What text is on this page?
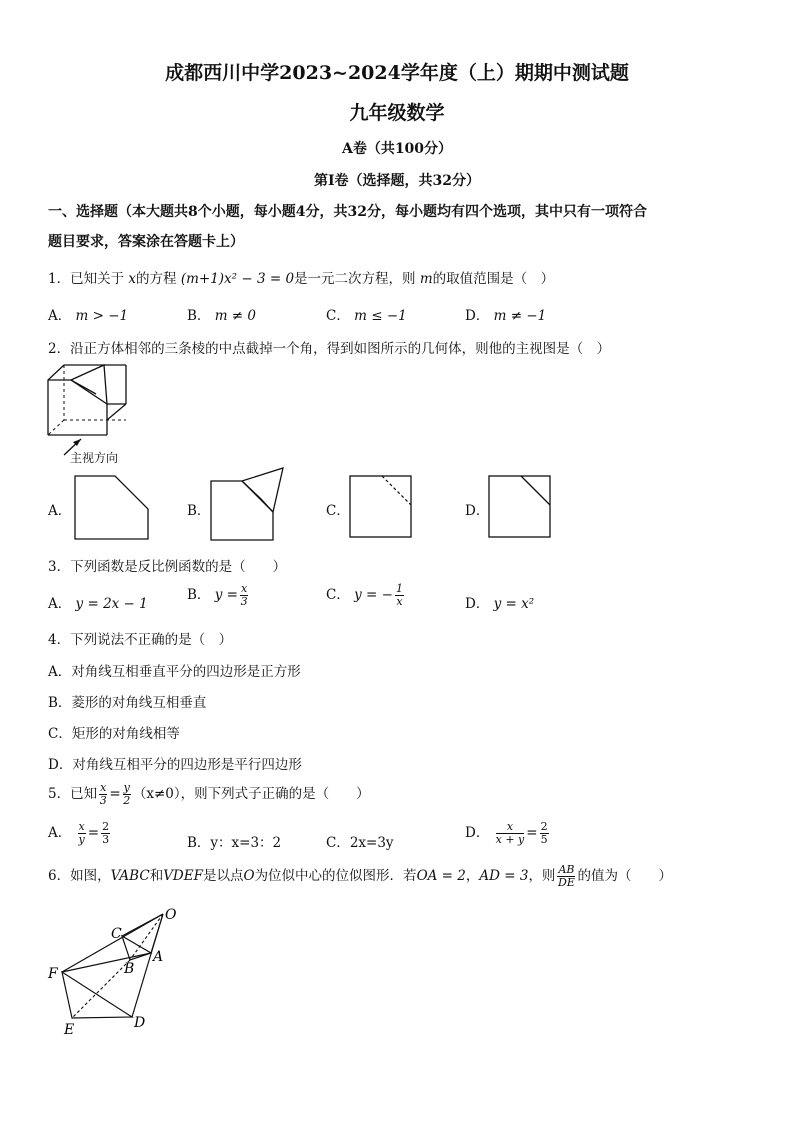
成都西川中学2023~2024学年度（上）期期中测试题
九年级数学
A卷（共100分）
第Ⅰ卷（选择题，共32分）
一、选择题（本大题共8个小题，每小题4分，共32分，每小题均有四个选项，其中只有一项符合
题目要求，答案涂在答题卡上）
1．已知关于 x的方程 (m+1)x² − 3 = 0是一元二次方程，则 m的取值范围是（　）
A． m > −1	B． m ≠ 0	C． m ≤ −1	D． m ≠ −1
2．沿正方体相邻的三条棱的中点截掉一个角，得到如图所示的几何体，则他的主视图是（　）
主视方向
A．	B．	C．	D．
3．下列函数是反比例函数的是（　　）
A． y = 2x − 1
B． $y = \frac{x}{3}$	C． y = − $\frac{1}{x}$	D． y = x²
4．下列说法不正确的是（　）
A．对角线互相垂直平分的四边形是正方形
B．菱形的对角线互相垂直
C．矩形的对角线相等
D．对角线互相平分的四边形是平行四边形
5．已知 $\frac{x}{3} = \frac{y}{2} (x\ne 0)$，则下列式子正确的是（　　）
A． $\frac{x}{y} = \frac{2}{3}$	B．y：x=3：2	C．2x=3y
D． $\frac{x}{x + y} = \frac{2}{5}$
6．如图，VABC和VDEF是以点O为位似中心的位似图形．若OA = 2，AD = 3，则 $\frac{AB}{DE}$ 的值为（　　）
O
C
B
A
F
E	D
